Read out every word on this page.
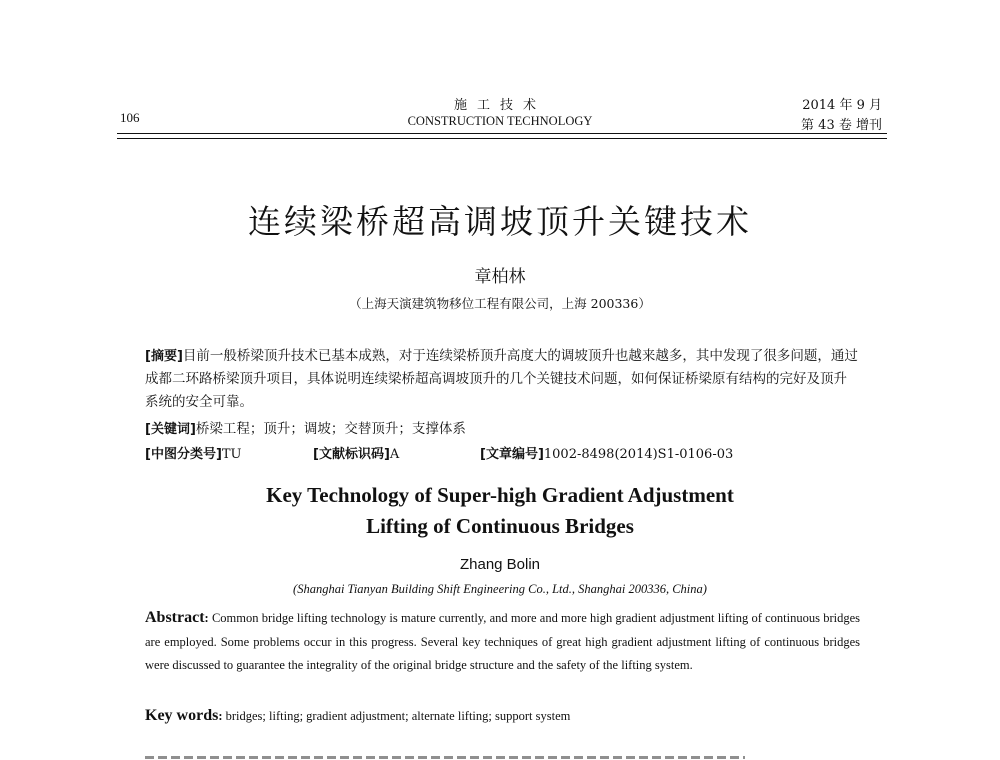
106
施工技术
CONSTRUCTION TECHNOLOGY
2014 年 9 月
第 43 卷 增刊
连续梁桥超高调坡顶升关键技术
章柏林
（上海天演建筑物移位工程有限公司，上海 200336）
[摘要]目前一般桥梁顶升技术已基本成熟，对于连续梁桥顶升高度大的调坡顶升也越来越多，其中发现了很多问题，通过成都二环路桥梁顶升项目，具体说明连续梁桥超高调坡顶升的几个关键技术问题，如何保证桥梁原有结构的完好及顶升系统的安全可靠。
[关键词]桥梁工程；顶升；调坡；交替顶升；支撑体系
[中图分类号]TU	[文献标识码]A	[文章编号]1002-8498(2014)S1-0106-03
Key Technology of Super-high Gradient Adjustment
Lifting of Continuous Bridges
Zhang Bolin
(Shanghai Tianyan Building Shift Engineering Co., Ltd., Shanghai 200336, China)
Abstract: Common bridge lifting technology is mature currently, and more and more high gradient adjustment lifting of continuous bridges are employed. Some problems occur in this progress. Several key techniques of great high gradient adjustment lifting of continuous bridges were discussed to guarantee the integrality of the original bridge structure and the safety of the lifting system.
Key words: bridges; lifting; gradient adjustment; alternate lifting; support system
